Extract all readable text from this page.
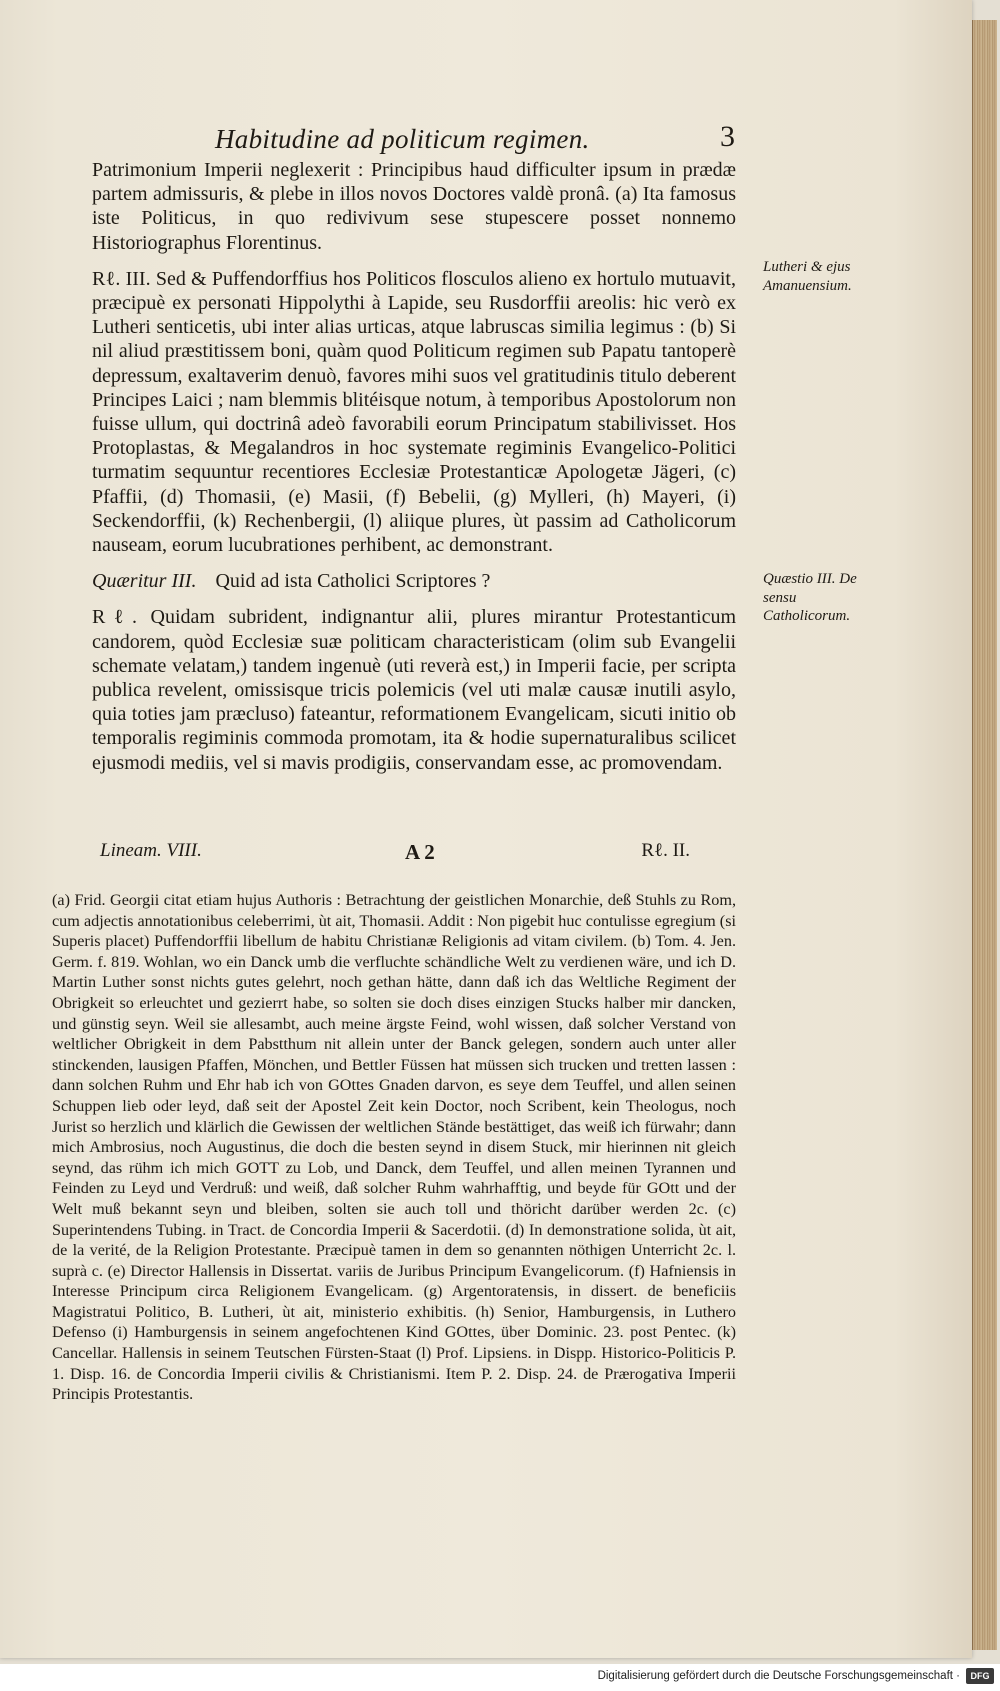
Habitudine ad politicum regimen.	3

Patrimonium Imperii neglexerit : Principibus haud difficulter ipsum in prædæ partem admissuris, & plebe in illos novos Doctores valdè pronâ. (a) Ita famosus iste Politicus, in quo redivivum sese stupescere posset nonnemo Historiographus Florentinus.

Rℓ. III. Sed & Puffendorffius hos Politicos flosculos alieno ex hortulo mutuavit, præcipuè ex personati Hippolythi à Lapide, seu Rusdorffii areolis: hic verò ex Lutheri senticetis, ubi inter alias urticas, atque labruscas similia legimus : (b) Si nil aliud præstitissem boni, quàm quod Politicum regimen sub Papatu tantoperè depressum, exaltaverim denuò, favores mihi suos vel gratitudinis titulo deberent Principes Laici ; nam blemmis blitéisque notum, à temporibus Apostolorum non fuisse ullum, qui doctrinâ adeò favorabili eorum Principatum stabilivisset. Hos Protoplastas, & Megalandros in hoc systemate regiminis Evangelico-Politici turmatim sequuntur recentiores Ecclesiæ Protestanticæ Apologetæ Jägeri, (c) Pfaffii, (d) Thomasii, (e) Masii, (f) Bebelii, (g) Mylleri, (h) Mayeri, (i) Seckendorffii, (k) Rechenbergii, (l) aliique plures, ùt passim ad Catholicorum nauseam, eorum lucubrationes perhibent, ac demonstrant.

Quæritur III. Quid ad ista Catholici Scriptores ?

Rℓ. Quidam subrident, indignantur alii, plures mirantur Protestanticum candorem, quòd Ecclesiæ suæ politicam characteristicam (olim sub Evangelii schemate velatam,) tandem ingenuè (uti reverà est,) in Imperii facie, per scripta publica revelent, omissisque tricis polemicis (vel uti malæ causæ inutili asylo, quia toties jam præcluso) fateantur, reformationem Evangelicam, sicuti initio ob temporalis regiminis commoda promotam, ita & hodie supernaturalibus scilicet ejusmodi mediis, vel si mavis prodigiis, conservandam esse, ac promovendam.

Lutheri & ejus Amanuensium.
Quæstio III. De sensu Catholicorum.
Lineam. VIII.	A 2	Rℓ. II.

(a) Frid. Georgii citat etiam hujus Authoris : Betrachtung der geistlichen Monarchie, deß Stuhls zu Rom, cum adjectis annotationibus celeberrimi, ùt ait, Thomasii. Addit : Non pigebit huc contulisse egregium (si Superis placet) Puffendorffii libellum de habitu Christianæ Religionis ad vitam civilem. (b) Tom. 4. Jen. Germ. f. 819. Wohlan, wo ein Danck umb die verfluchte schändliche Welt zu verdienen wäre, und ich D. Martin Luther sonst nichts gutes gelehrt, noch gethan hätte, dann daß ich das Weltliche Regiment der Obrigkeit so erleuchtet und gezierrt habe, so solten sie doch dises einzigen Stucks halber mir dancken, und günstig seyn. Weil sie allesambt, auch meine ärgste Feind, wohl wissen, daß solcher Verstand von weltlicher Obrigkeit in dem Pabstthum nit allein unter der Banck gelegen, sondern auch unter aller stinckenden, lausigen Pfaffen, Mönchen, und Bettler Füssen hat müssen sich trucken und tretten lassen : dann solchen Ruhm und Ehr hab ich von GOttes Gnaden darvon, es seye dem Teuffel, und allen seinen Schuppen lieb oder leyd, daß seit der Apostel Zeit kein Doctor, noch Scribent, kein Theologus, noch Jurist so herzlich und klärlich die Gewissen der weltlichen Stände bestättiget, das weiß ich fürwahr; dann mich Ambrosius, noch Augustinus, die doch die besten seynd in disem Stuck, mir hierinnen nit gleich seynd, das rühm ich mich GOTT zu Lob, und Danck, dem Teuffel, und allen meinen Tyrannen und Feinden zu Leyd und Verdruß: und weiß, daß solcher Ruhm wahrhafftig, und beyde für GOtt und der Welt muß bekannt seyn und bleiben, solten sie auch toll und thöricht darüber werden 2c. (c) Superintendens Tubing. in Tract. de Concordia Imperii & Sacerdotii. (d) In demonstratione solida, ùt ait, de la verité, de la Religion Protestante. Præcipuè tamen in dem so genannten nöthigen Unterricht 2c. l. suprà c. (e) Director Hallensis in Dissertat. variis de Juribus Principum Evangelicorum. (f) Hafniensis in Interesse Principum circa Religionem Evangelicam. (g) Argentoratensis, in dissert. de beneficiis Magistratui Politico, B. Lutheri, ùt ait, ministerio exhibitis. (h) Senior, Hamburgensis, in Luthero Defenso (i) Hamburgensis in seinem angefochtenen Kind GOttes, über Dominic. 23. post Pentec. (k) Cancellar. Hallensis in seinem Teutschen Fürsten-Staat (l) Prof. Lipsiens. in Dispp. Historico-Politicis P. 1. Disp. 16. de Concordia Imperii civilis & Christianismi. Item P. 2. Disp. 24. de Prærogativa Imperii Principis Protestantis.

Digitalisierung gefördert durch die Deutsche Forschungsgemeinschaft ·	DFG
